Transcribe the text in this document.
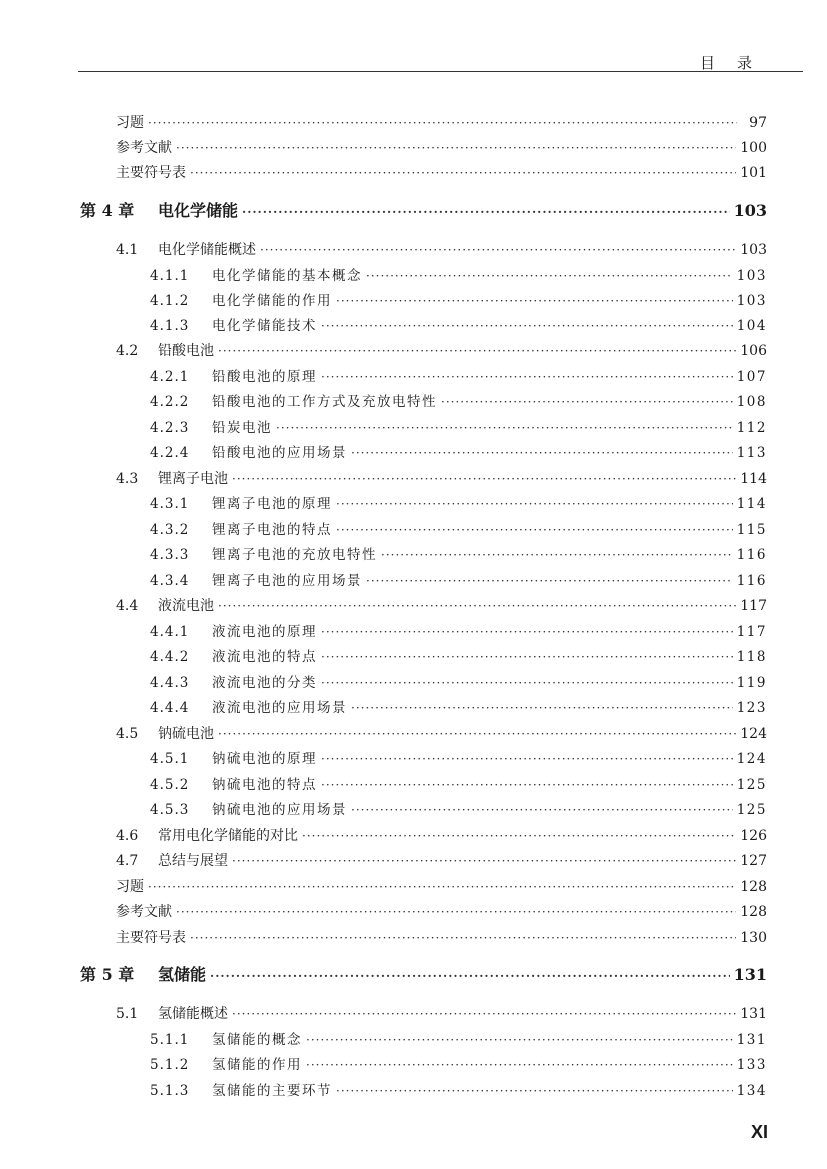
目录
习题 ·····	97
参考文献 ·····	100
主要符号表 ·····	101
第 4 章	电化学储能 ·····	103
4.1	电化学储能概述 ·····	103
4.1.1	电化学储能的基本概念 ·····	103
4.1.2	电化学储能的作用 ·····	103
4.1.3	电化学储能技术 ·····	104
4.2	铅酸电池 ·····	106
4.2.1	铅酸电池的原理 ·····	107
4.2.2	铅酸电池的工作方式及充放电特性 ·····	108
4.2.3	铅炭电池 ·····	112
4.2.4	铅酸电池的应用场景 ·····	113
4.3	锂离子电池 ·····	114
4.3.1	锂离子电池的原理 ·····	114
4.3.2	锂离子电池的特点 ·····	115
4.3.3	锂离子电池的充放电特性 ·····	116
4.3.4	锂离子电池的应用场景 ·····	116
4.4	液流电池 ·····	117
4.4.1	液流电池的原理 ·····	117
4.4.2	液流电池的特点 ·····	118
4.4.3	液流电池的分类 ·····	119
4.4.4	液流电池的应用场景 ·····	123
4.5	钠硫电池 ·····	124
4.5.1	钠硫电池的原理 ·····	124
4.5.2	钠硫电池的特点 ·····	125
4.5.3	钠硫电池的应用场景 ·····	125
4.6	常用电化学储能的对比 ·····	126
4.7	总结与展望 ·····	127
习题 ·····	128
参考文献 ·····	128
主要符号表 ·····	130
第 5 章	氢储能 ·····	131
5.1	氢储能概述 ·····	131
5.1.1	氢储能的概念 ·····	131
5.1.2	氢储能的作用 ·····	133
5.1.3	氢储能的主要环节 ·····	134
XI
